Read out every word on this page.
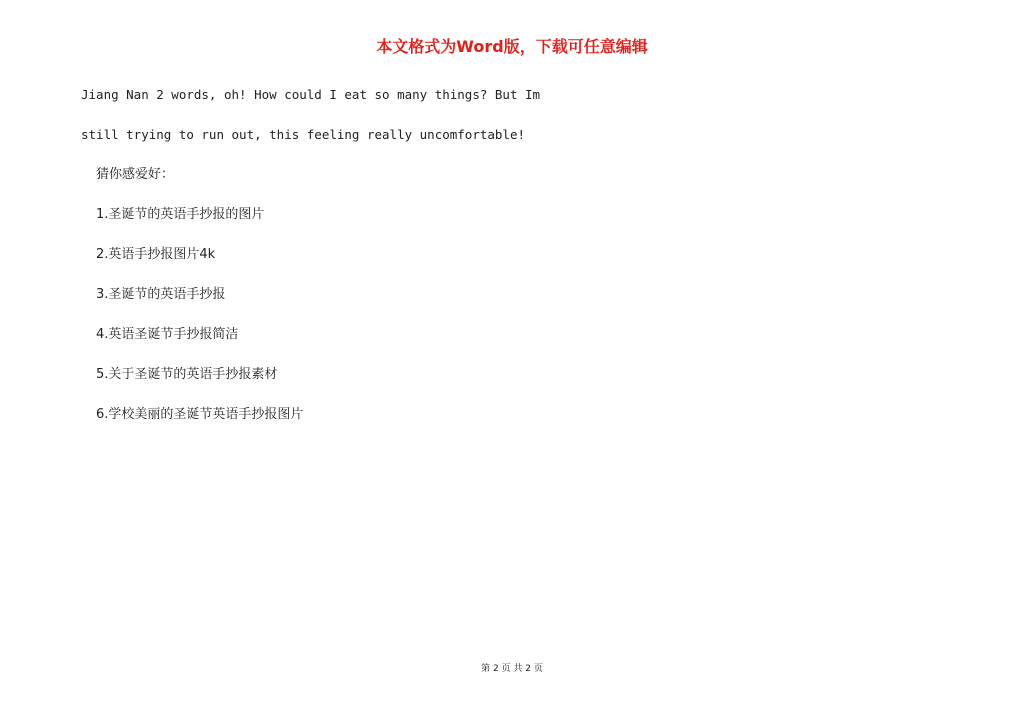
本文格式为Word版，下载可任意编辑
Jiang Nan 2 words, oh! How could I eat so many things? But Im
still trying to run out, this feeling really uncomfortable!
猜你感爱好：
1.圣诞节的英语手抄报的图片
2.英语手抄报图片4k
3.圣诞节的英语手抄报
4.英语圣诞节手抄报简洁
5.关于圣诞节的英语手抄报素材
6.学校美丽的圣诞节英语手抄报图片
第 2 页 共 2 页
